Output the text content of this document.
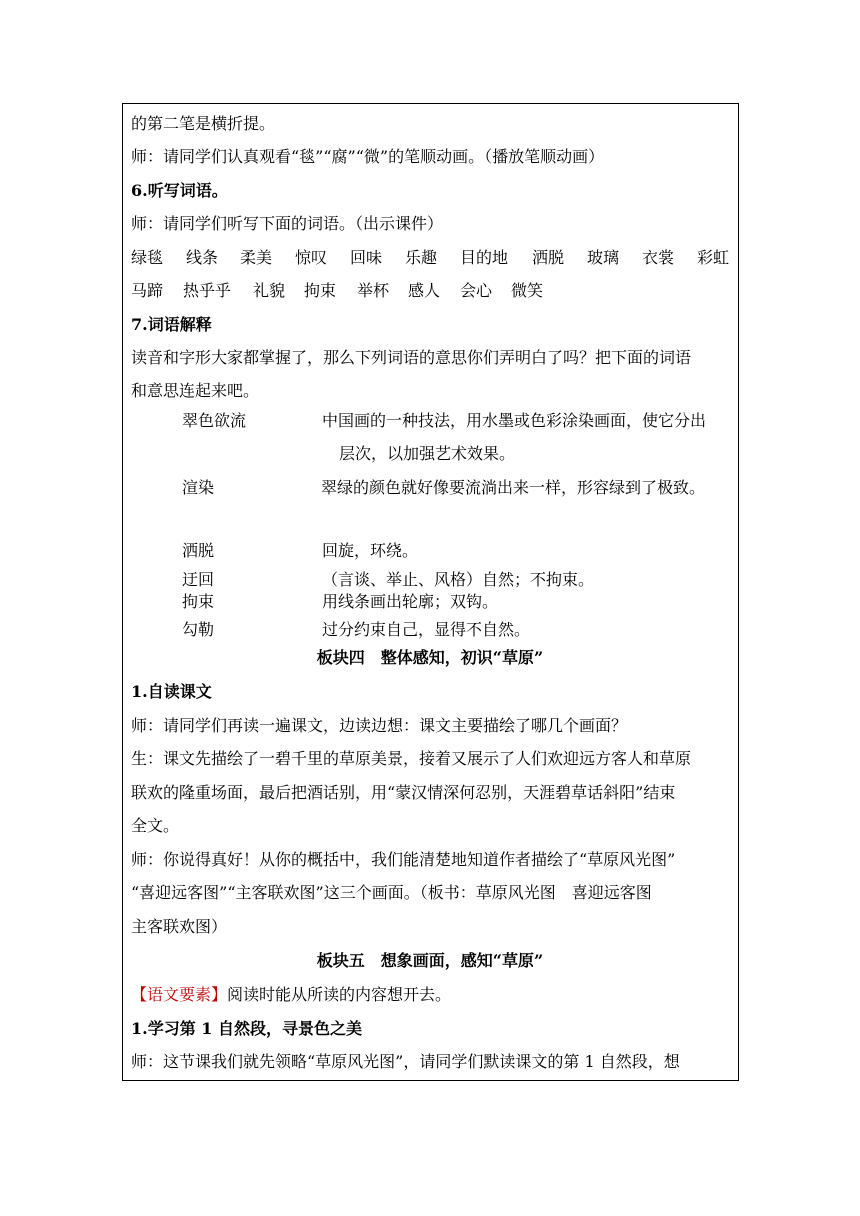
的第二笔是横折提。
师：请同学们认真观看“毯”“腐”“微”的笔顺动画。（播放笔顺动画）
6.听写词语。
师：请同学们听写下面的词语。（出示课件）
绿毯 线条 柔美 惊叹 回味 乐趣 目的地 洒脱 玻璃 衣裳 彩虹
马蹄 热乎乎 礼貌 拘束 举杯 感人 会心 微笑
7.词语解释
读音和字形大家都掌握了，那么下列词语的意思你们弄明白了吗？把下面的词语
和意思连起来吧。
翠色欲流	中国画的一种技法，用水墨或色彩涂染画面，使它分出
层次，以加强艺术效果。
渲染	翠绿的颜色就好像要流淌出来一样，形容绿到了极致。
洒脱	回旋，环绕。
迂回	（言谈、举止、风格）自然；不拘束。
拘束	用线条画出轮廓；双钩。
勾勒	过分约束自己，显得不自然。
板块四　整体感知，初识“草原”
1.自读课文
师：请同学们再读一遍课文，边读边想：课文主要描绘了哪几个画面？
生：课文先描绘了一碧千里的草原美景，接着又展示了人们欢迎远方客人和草原
联欢的隆重场面，最后把酒话别，用“蒙汉情深何忍别，天涯碧草话斜阳”结束
全文。
师：你说得真好！从你的概括中，我们能清楚地知道作者描绘了“草原风光图”
“喜迎远客图”“主客联欢图”这三个画面。（板书：草原风光图　喜迎远客图
主客联欢图）
板块五　想象画面，感知“草原”
【语文要素】阅读时能从所读的内容想开去。
1.学习第 1 自然段，寻景色之美
师：这节课我们就先领略“草原风光图”，请同学们默读课文的第 1 自然段，想
